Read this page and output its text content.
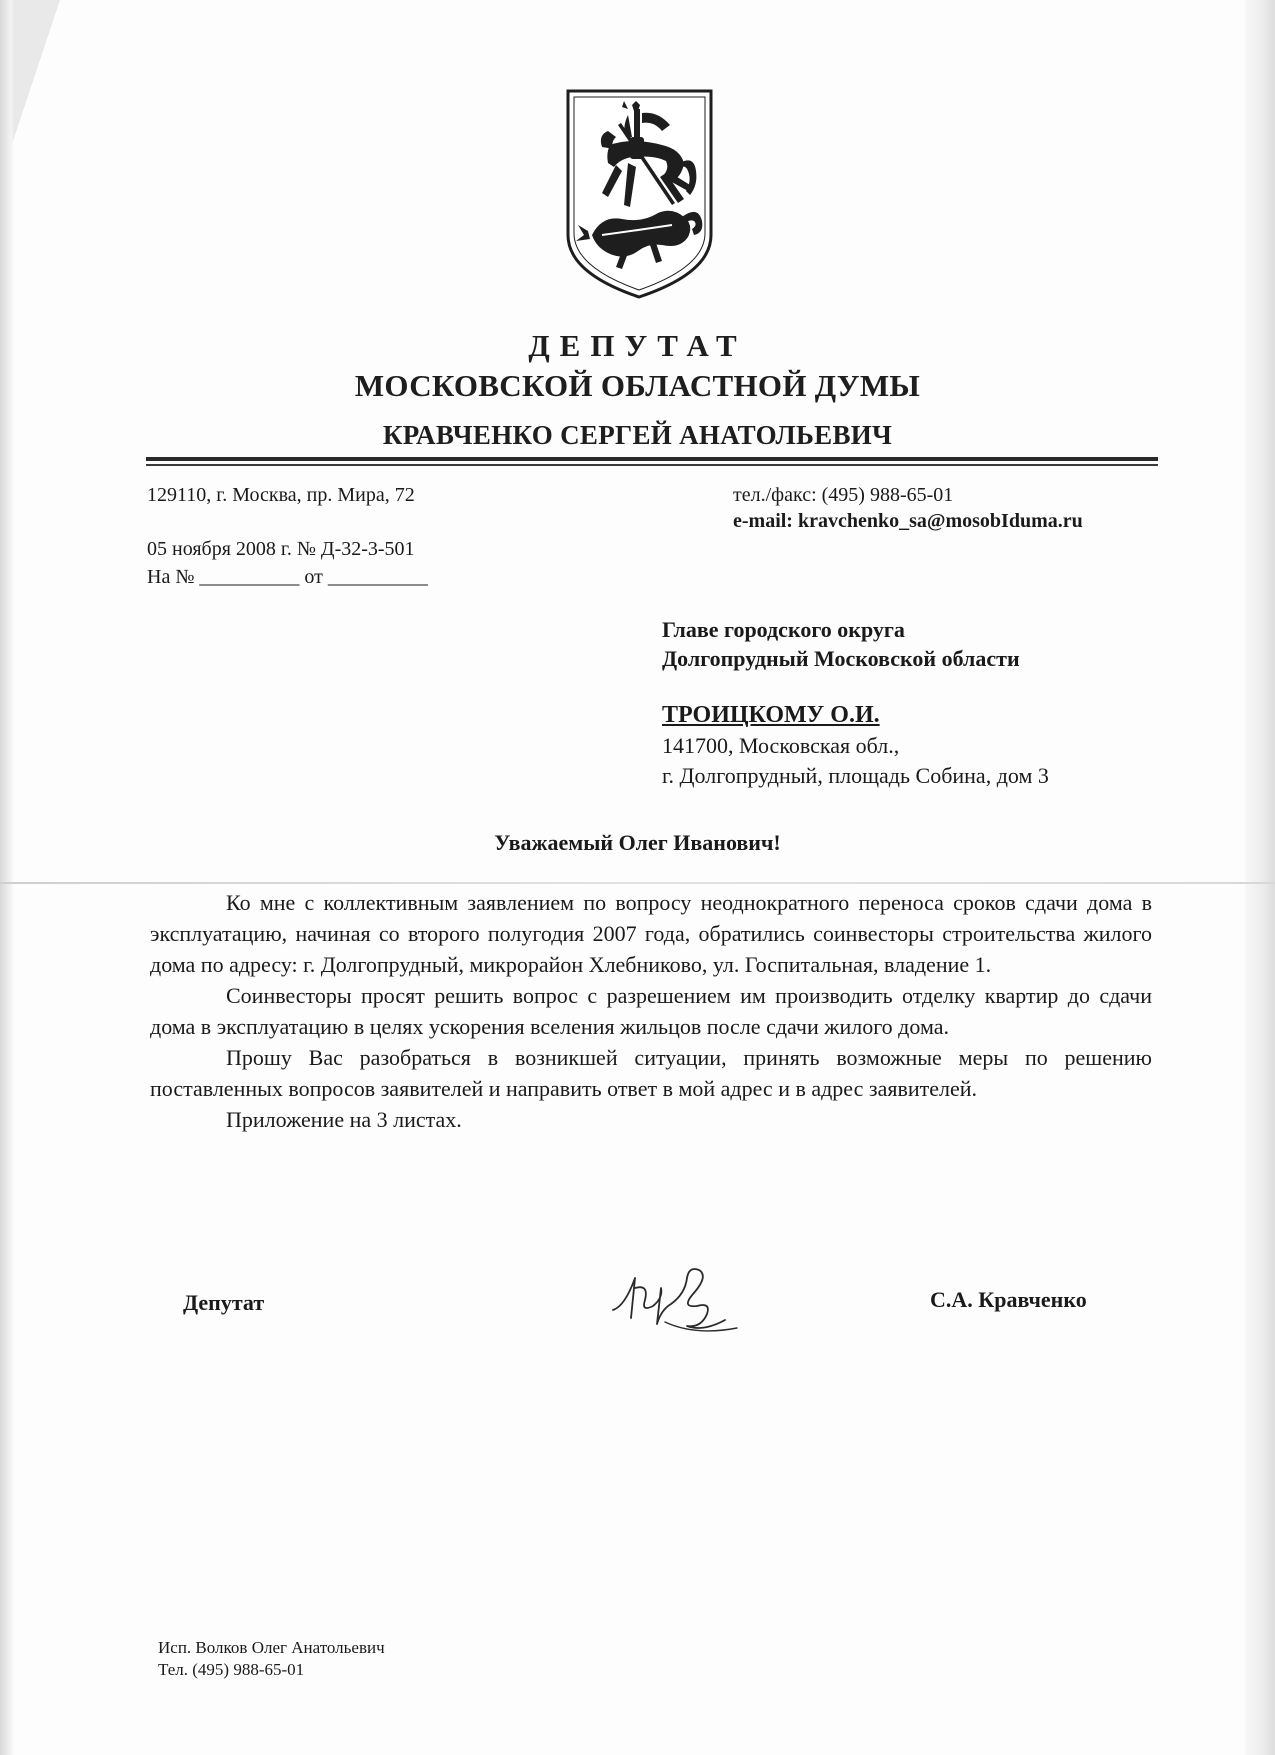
ДЕПУТАТ
МОСКОВСКОЙ ОБЛАСТНОЙ ДУМЫ
КРАВЧЕНКО СЕРГЕЙ АНАТОЛЬЕВИЧ
129110, г. Москва, пр. Мира, 72	тел./факс: (495) 988-65-01
e-mail: kravchenko_sa@mosobIduma.ru
05 ноября 2008 г. № Д-32-3-501
На № __________ от __________
Главе городского округа
Долгопрудный Московской области
ТРОИЦКОМУ О.И.
141700, Московская обл.,
г. Долгопрудный, площадь Собина, дом 3
Уважаемый Олег Иванович!

Ко мне с коллективным заявлением по вопросу неоднократного переноса сроков сдачи дома в эксплуатацию, начиная со второго полугодия 2007 года, обратились соинвесторы строительства жилого дома по адресу: г. Долгопрудный, микрорайон Хлебниково, ул. Госпитальная, владение 1.

Соинвесторы просят решить вопрос с разрешением им производить отделку квартир до сдачи дома в эксплуатацию в целях ускорения вселения жильцов после сдачи жилого дома.

Прошу Вас разобраться в возникшей ситуации, принять возможные меры по решению поставленных вопросов заявителей и направить ответ в мой адрес и в адрес заявителей.

Приложение на 3 листах.

Депутат	С.А. Кравченко
Исп. Волков Олег Анатольевич
Тел. (495) 988-65-01
